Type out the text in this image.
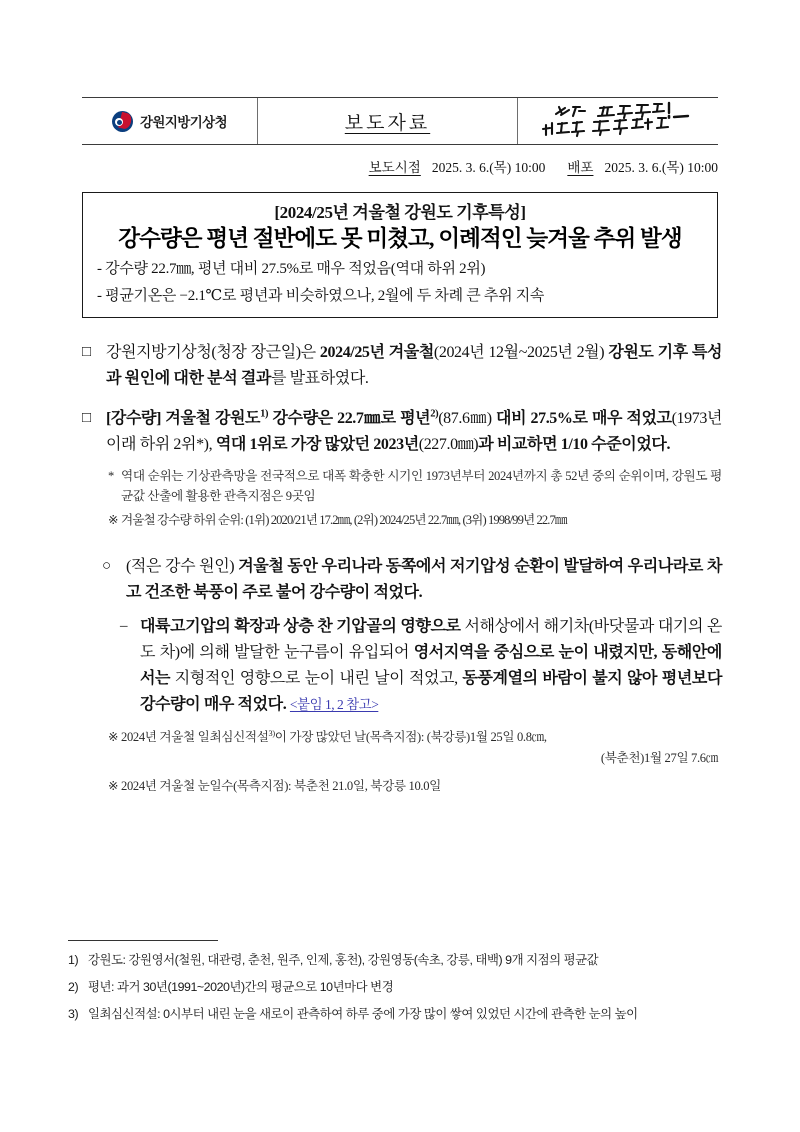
강원지방기상청	보도자료
보도시점 2025. 3. 6.(목) 10:00 배포 2025. 3. 6.(목) 10:00
[2024/25년 겨울철 강원도 기후특성]
강수량은 평년 절반에도 못 미쳤고, 이례적인 늦겨울 추위 발생
- 강수량 22.7㎜, 평년 대비 27.5%로 매우 적었음(역대 하위 2위)
- 평균기온은 −2.1℃로 평년과 비슷하였으나, 2월에 두 차례 큰 추위 지속
□ 강원지방기상청(청장 장근일)은 2024/25년 겨울철(2024년 12월~2025년 2월) 강원도 기후 특성과 원인에 대한 분석 결과를 발표하였다.
□ [강수량] 겨울철 강원도$^{1)}$ 강수량은 22.7㎜로 평년$^{2)}$(87.6㎜) 대비 27.5%로 매우 적었고(1973년 이래 하위 2위*), 역대 1위로 가장 많았던 2023년(227.0㎜)과 비교하면 1/10 수준이었다.
* 역대 순위는 기상관측망을 전국적으로 대폭 확충한 시기인 1973년부터 2024년까지 총 52년 중의 순위이며, 강원도 평균값 산출에 활용한 관측지점은 9곳임
※ 겨울철 강수량 하위 순위: (1위) 2020/21년 17.2㎜, (2위) 2024/25년 22.7㎜, (3위) 1998/99년 22.7㎜
○ (적은 강수 원인) 겨울철 동안 우리나라 동쪽에서 저기압성 순환이 발달하여 우리나라로 차고 건조한 북풍이 주로 불어 강수량이 적었다.
– 대륙고기압의 확장과 상층 찬 기압골의 영향으로 서해상에서 해기차(바닷물과 대기의 온도 차)에 의해 발달한 눈구름이 유입되어 영서지역을 중심으로 눈이 내렸지만, 동해안에서는 지형적인 영향으로 눈이 내린 날이 적었고, 동풍계열의 바람이 불지 않아 평년보다 강수량이 매우 적었다. <붙임 1, 2 참고>
※ 2024년 겨울철 일최심신적설$^{3)}$이 가장 많았던 날(목측지점): (북강릉)1월 25일 0.8㎝,
(북춘천)1월 27일 7.6㎝
※ 2024년 겨울철 눈일수(목측지점): 북춘천 21.0일, 북강릉 10.0일
1) 강원도: 강원영서(철원, 대관령, 춘천, 원주, 인제, 홍천), 강원영동(속초, 강릉, 태백) 9개 지점의 평균값
2) 평년: 과거 30년(1991~2020년)간의 평균으로 10년마다 변경
3) 일최심신적설: 0시부터 내린 눈을 새로이 관측하여 하루 중에 가장 많이 쌓여 있었던 시간에 관측한 눈의 높이
